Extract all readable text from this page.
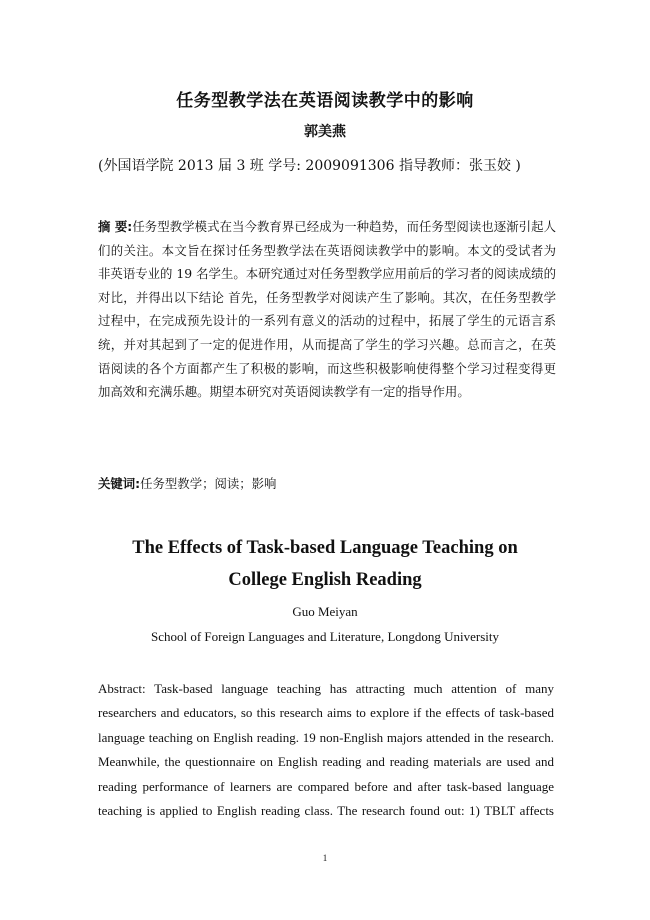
任务型教学法在英语阅读教学中的影响
郭美燕
(外国语学院 2013 届 3 班 学号: 2009091306 指导教师：张玉姣 )

摘 要:任务型教学模式在当今教育界已经成为一种趋势，而任务型阅读也逐渐引起人们的关注。本文旨在探讨任务型教学法在英语阅读教学中的影响。本文的受试者为非英语专业的 19 名学生。本研究通过对任务型教学应用前后的学习者的阅读成绩的对比，并得出以下结论 首先，任务型教学对阅读产生了影响。其次，在任务型教学过程中，在完成预先设计的一系列有意义的活动的过程中，拓展了学生的元语言系统，并对其起到了一定的促进作用，从而提高了学生的学习兴趣。总而言之，在英语阅读的各个方面都产生了积极的影响，而这些积极影响使得整个学习过程变得更加高效和充满乐趣。期望本研究对英语阅读教学有一定的指导作用。

关键词:任务型教学；阅读；影响
The Effects of Task-based Language Teaching on
College English Reading
Guo Meiyan
School of Foreign Languages and Literature, Longdong University

Abstract: Task-based language teaching has attracting much attention of many researchers and educators, so this research aims to explore if the effects of task-based language teaching on English reading. 19 non-English majors attended in the research. Meanwhile, the questionnaire on English reading and reading materials are used and reading performance of learners are compared before and after task-based language teaching is applied to English reading class. The research found out: 1) TBLT affects

1
